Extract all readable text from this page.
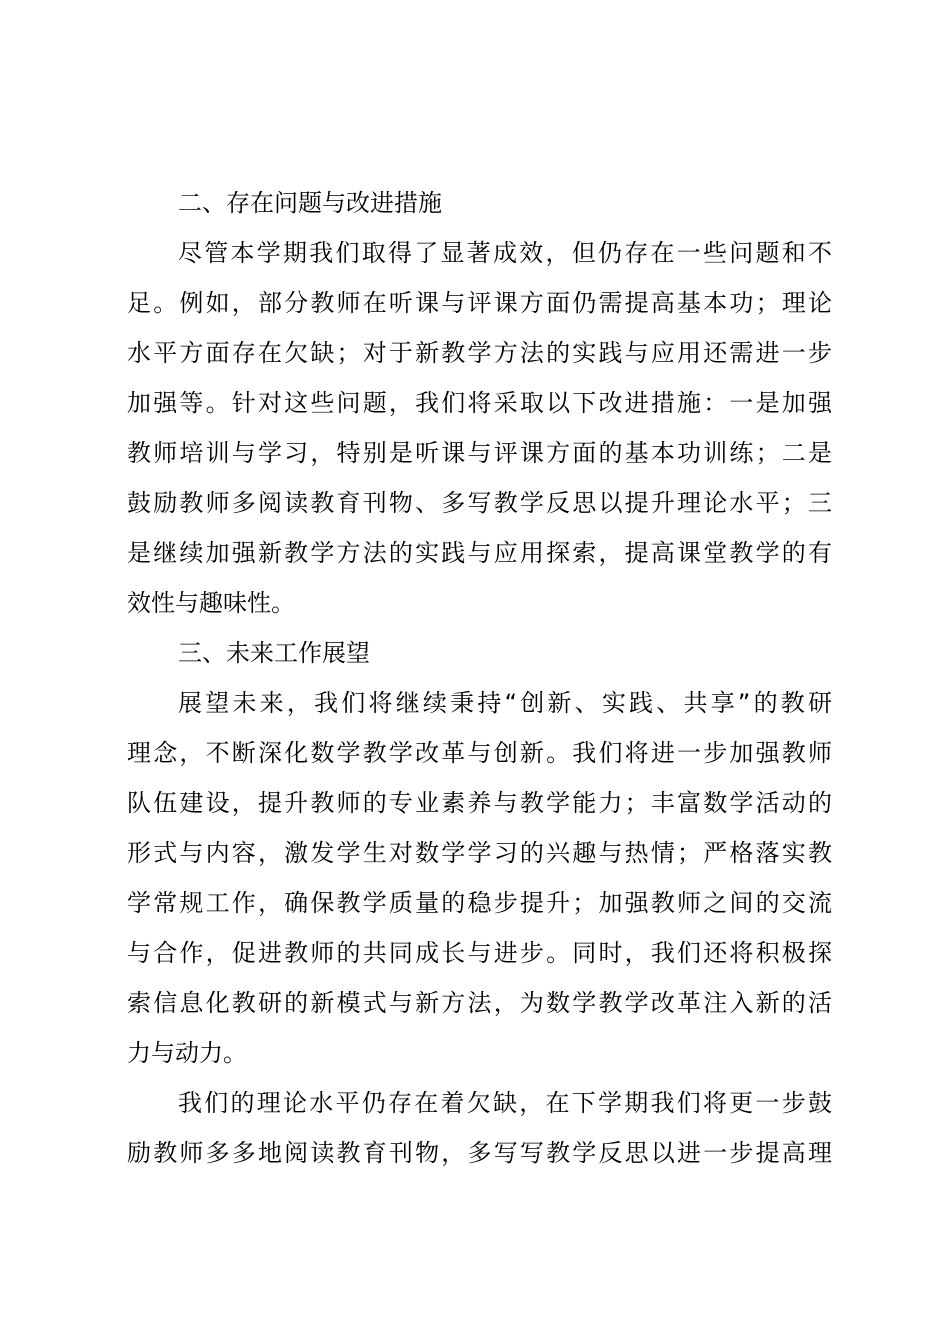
二、存在问题与改进措施
尽管本学期我们取得了显著成效，但仍存在一些问题和不
足。例如，部分教师在听课与评课方面仍需提高基本功；理论
水平方面存在欠缺；对于新教学方法的实践与应用还需进一步
加强等。针对这些问题，我们将采取以下改进措施：一是加强
教师培训与学习，特别是听课与评课方面的基本功训练；二是
鼓励教师多阅读教育刊物、多写教学反思以提升理论水平；三
是继续加强新教学方法的实践与应用探索，提高课堂教学的有
效性与趣味性。
三、未来工作展望
展望未来，我们将继续秉持“创新、实践、共享”的教研
理念，不断深化数学教学改革与创新。我们将进一步加强教师
队伍建设，提升教师的专业素养与教学能力；丰富数学活动的
形式与内容，激发学生对数学学习的兴趣与热情；严格落实教
学常规工作，确保教学质量的稳步提升；加强教师之间的交流
与合作，促进教师的共同成长与进步。同时，我们还将积极探
索信息化教研的新模式与新方法，为数学教学改革注入新的活
力与动力。
我们的理论水平仍存在着欠缺，在下学期我们将更一步鼓
励教师多多地阅读教育刊物，多写写教学反思以进一步提高理
